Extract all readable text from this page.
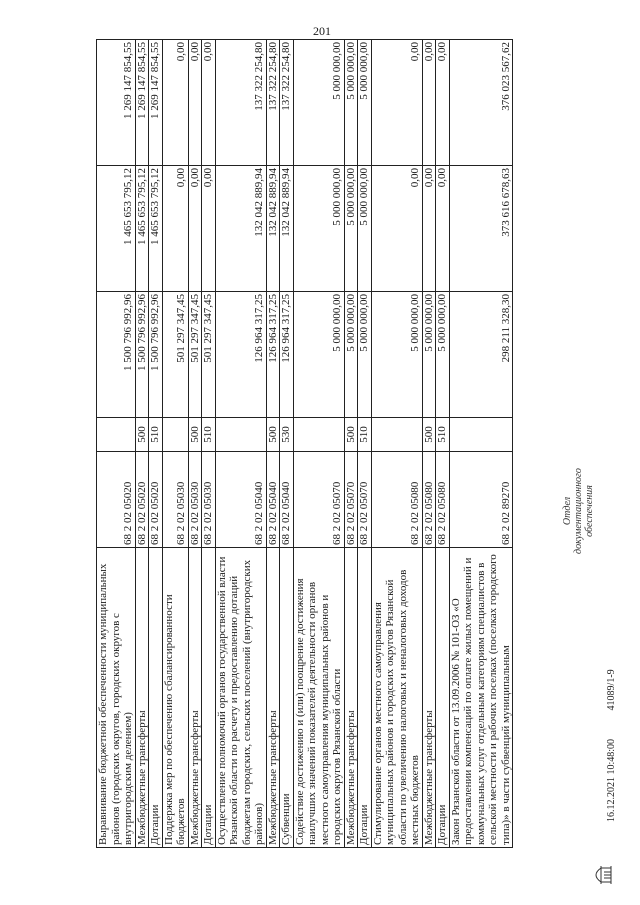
201
Выравнивание бюджетной обеспеченности муниципальных районов (городских округов, городских округов с внутригородским делением)	68 2 02 05020		1 500 796 992,96	1 465 653 795,12	1 269 147 854,55
Межбюджетные трансферты	68 2 02 05020	500	1 500 796 992,96	1 465 653 795,12	1 269 147 854,55
Дотации	68 2 02 05020	510	1 500 796 992,96	1 465 653 795,12	1 269 147 854,55
Поддержка мер по обеспечению сбалансированности бюджетов	68 2 02 05030		501 297 347,45	0,00	0,00
Межбюджетные трансферты	68 2 02 05030	500	501 297 347,45	0,00	0,00
Дотации	68 2 02 05030	510	501 297 347,45	0,00	0,00
Осуществление полномочий органов государственной власти Рязанской области по расчету и предоставлению дотаций бюджетам городских, сельских поселений (внутригородских районов)	68 2 02 05040		126 964 317,25	132 042 889,94	137 322 254,80
Межбюджетные трансферты	68 2 02 05040	500	126 964 317,25	132 042 889,94	137 322 254,80
Субвенции	68 2 02 05040	530	126 964 317,25	132 042 889,94	137 322 254,80
Содействие достижению и (или) поощрение достижения наилучших значений показателей деятельности органов местного самоуправления муниципальных районов и городских округов Рязанской области	68 2 02 05070		5 000 000,00	5 000 000,00	5 000 000,00
Межбюджетные трансферты	68 2 02 05070	500	5 000 000,00	5 000 000,00	5 000 000,00
Дотации	68 2 02 05070	510	5 000 000,00	5 000 000,00	5 000 000,00
Стимулирование органов местного самоуправления муниципальных районов и городских округов Рязанской области по увеличению налоговых и неналоговых доходов местных бюджетов	68 2 02 05080		5 000 000,00	0,00	0,00
Межбюджетные трансферты	68 2 02 05080	500	5 000 000,00	0,00	0,00
Дотации	68 2 02 05080	510	5 000 000,00	0,00	0,00
Закон Рязанской области от 13.09.2006 № 101-ОЗ «О предоставлении компенсаций по оплате жилых помещений и коммунальных услуг отдельным категориям специалистов в сельской местности и рабочих поселках (поселках городского типа)» в части субвенций муниципальным	68 2 02 89270		298 211 328,30	373 616 678,63	376 023 567,62
Отдел документационного обеспечения
16.12.2021 10:48:00 41089/1-9
